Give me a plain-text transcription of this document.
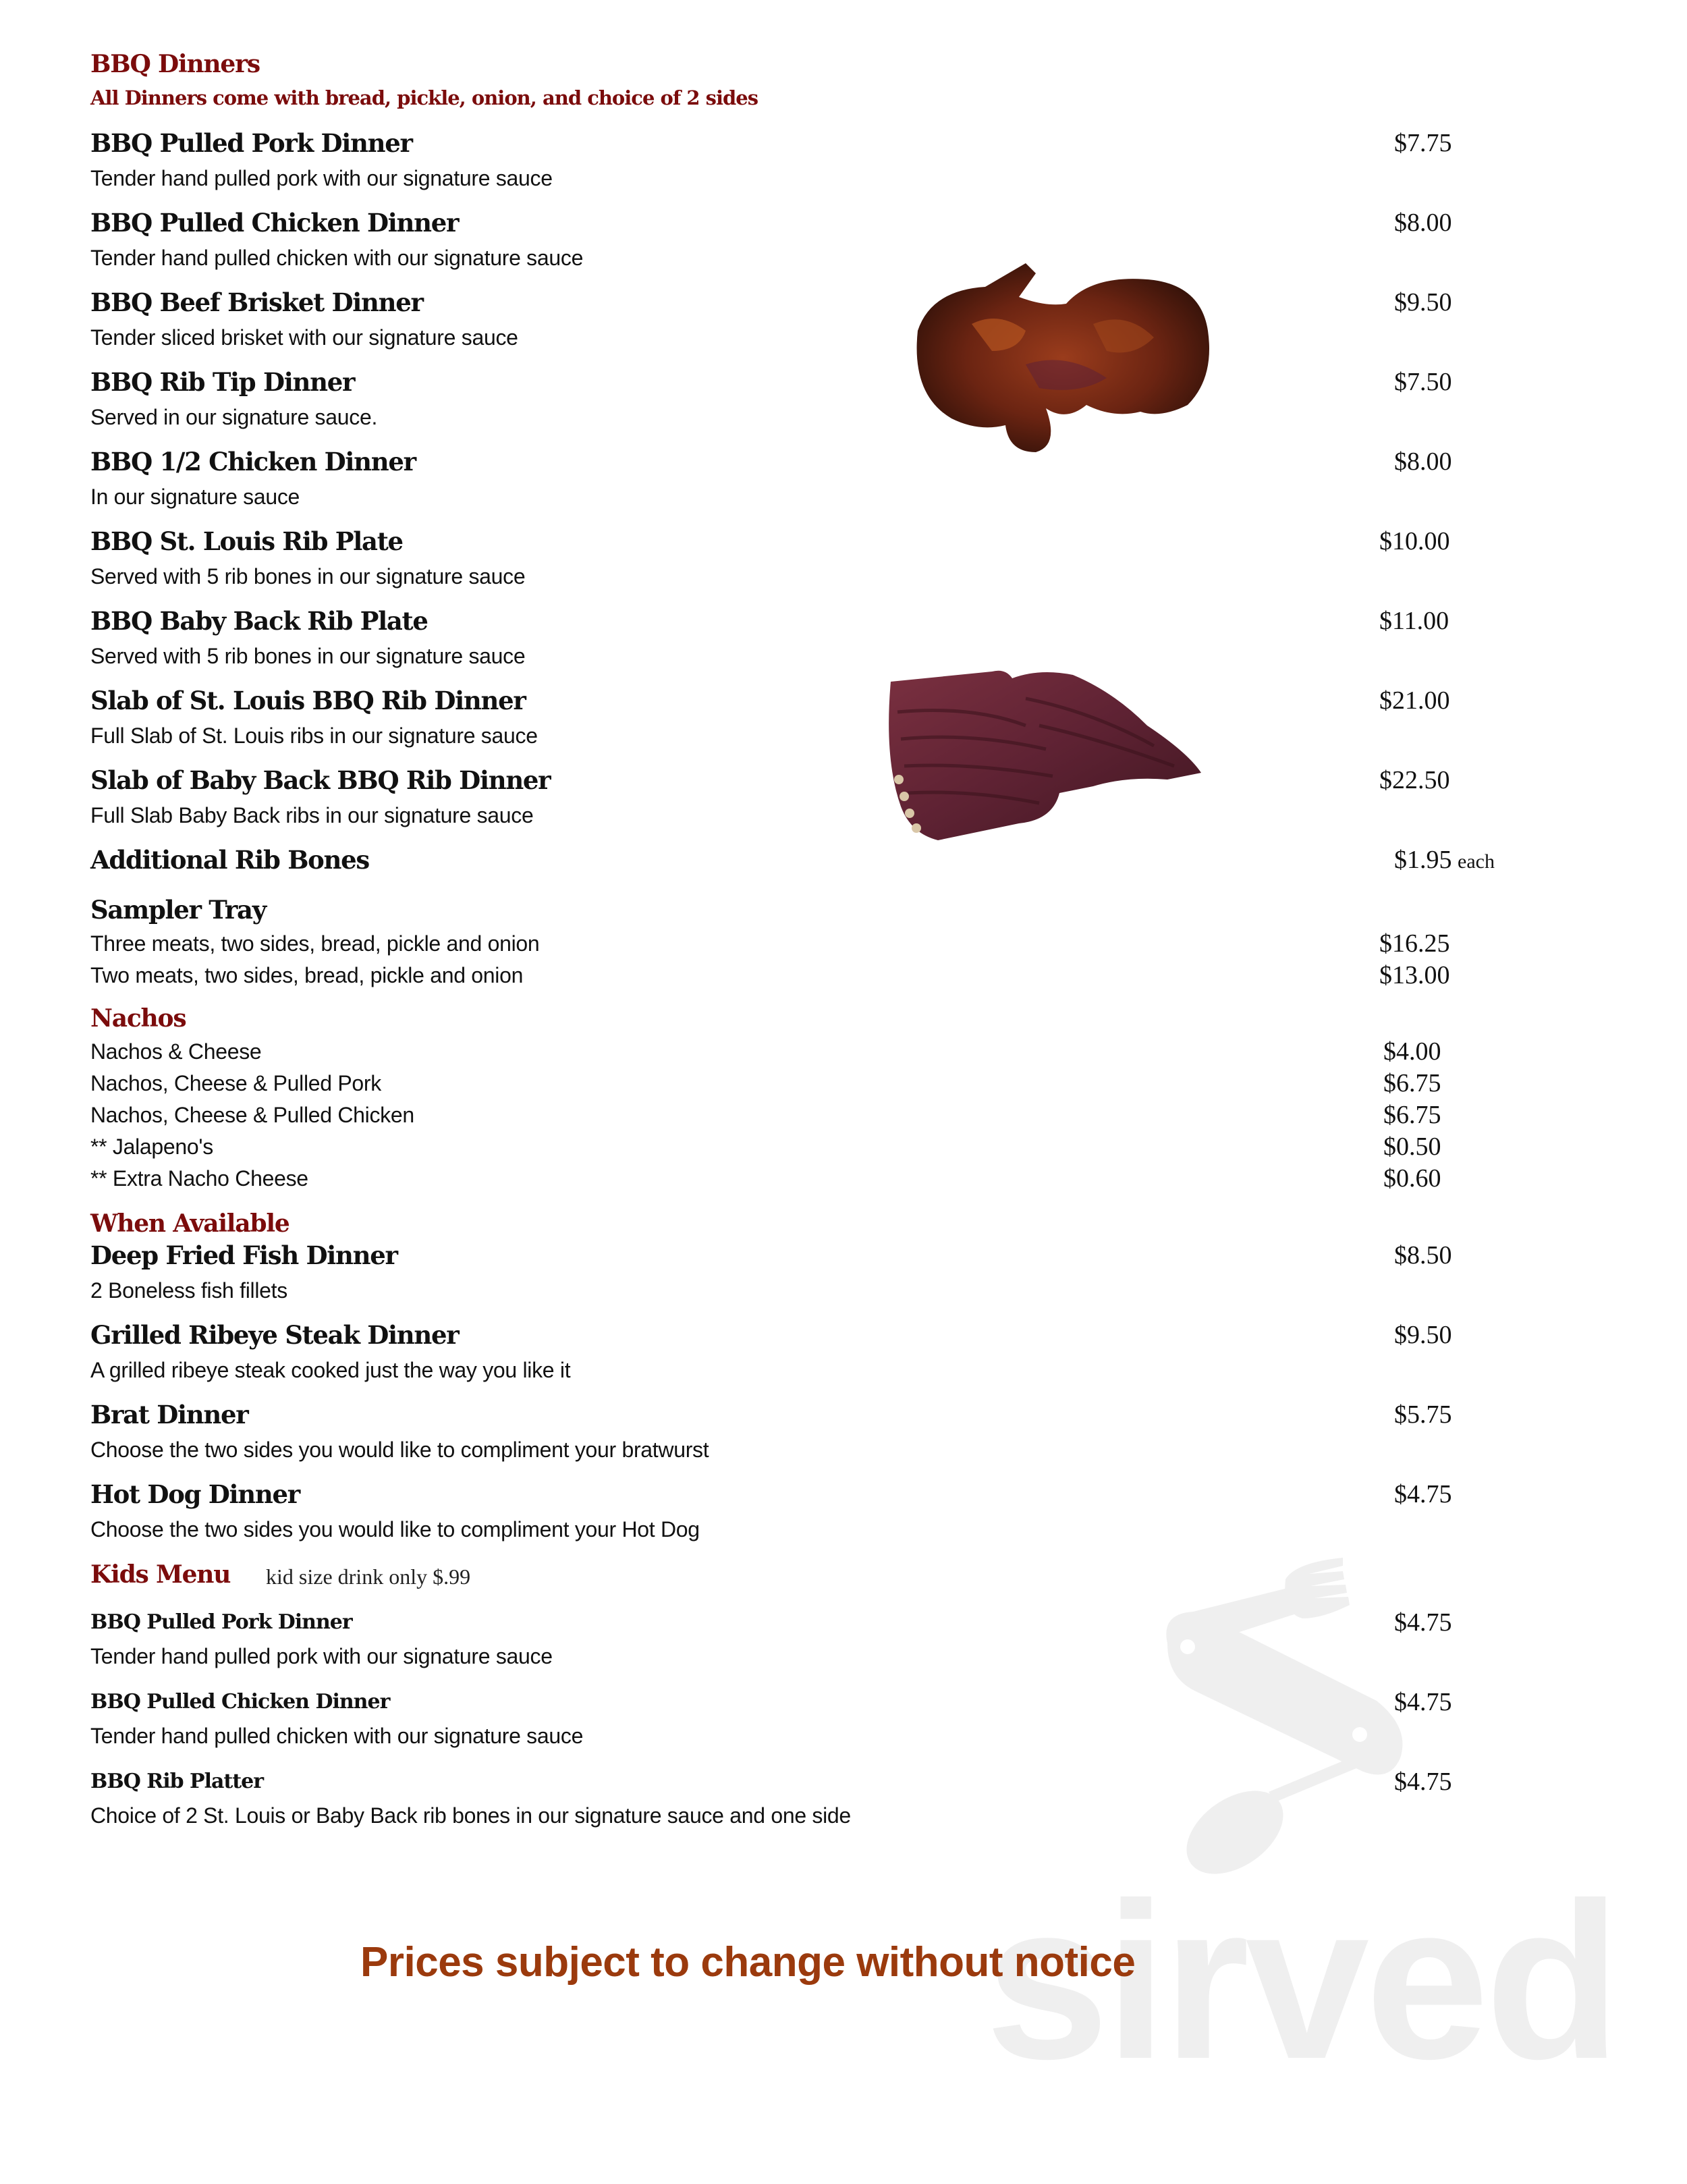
sirved
BBQ Dinners
All Dinners come with bread, pickle, onion, and choice of 2 sides
BBQ Pulled Pork Dinner
Tender hand pulled pork with our signature sauce
$7.75
BBQ Pulled Chicken Dinner
Tender hand pulled chicken with our signature sauce
$8.00
BBQ Beef Brisket Dinner
Tender sliced brisket with our signature sauce
$9.50
BBQ Rib Tip Dinner
Served in our signature sauce.
$7.50
BBQ 1/2 Chicken Dinner
In our signature sauce
$8.00
BBQ St. Louis Rib Plate
Served with 5 rib bones in our signature sauce
$10.00
BBQ Baby Back Rib Plate
Served with 5 rib bones in our signature sauce
$11.00
Slab of St. Louis BBQ Rib Dinner
Full Slab of St. Louis ribs in our signature sauce
$21.00
Slab of Baby Back BBQ Rib Dinner
Full Slab Baby Back ribs in our signature sauce
$22.50
Additional Rib Bones	$1.95 each
Sampler Tray
Three meats, two sides, bread, pickle and onion	$16.25
Two meats, two sides, bread, pickle and onion	$13.00
Nachos
Nachos & Cheese	$4.00
Nachos, Cheese & Pulled Pork	$6.75
Nachos, Cheese & Pulled Chicken	$6.75
** Jalapeno's	$0.50
** Extra Nacho Cheese	$0.60
When Available
Deep Fried Fish Dinner
2 Boneless fish fillets
$8.50
Grilled Ribeye Steak Dinner
A grilled ribeye steak cooked just the way you like it
$9.50
Brat Dinner
Choose the two sides you would like to compliment your bratwurst
$5.75
Hot Dog Dinner
Choose the two sides you would like to compliment your Hot Dog
$4.75
Kids Menu kid size drink only $.99
BBQ Pulled Pork Dinner
Tender hand pulled pork with our signature sauce
$4.75
BBQ Pulled Chicken Dinner
Tender hand pulled chicken with our signature sauce
$4.75
BBQ Rib Platter
Choice of 2 St. Louis or Baby Back rib bones in our signature sauce and one side
$4.75
Prices subject to change without notice
